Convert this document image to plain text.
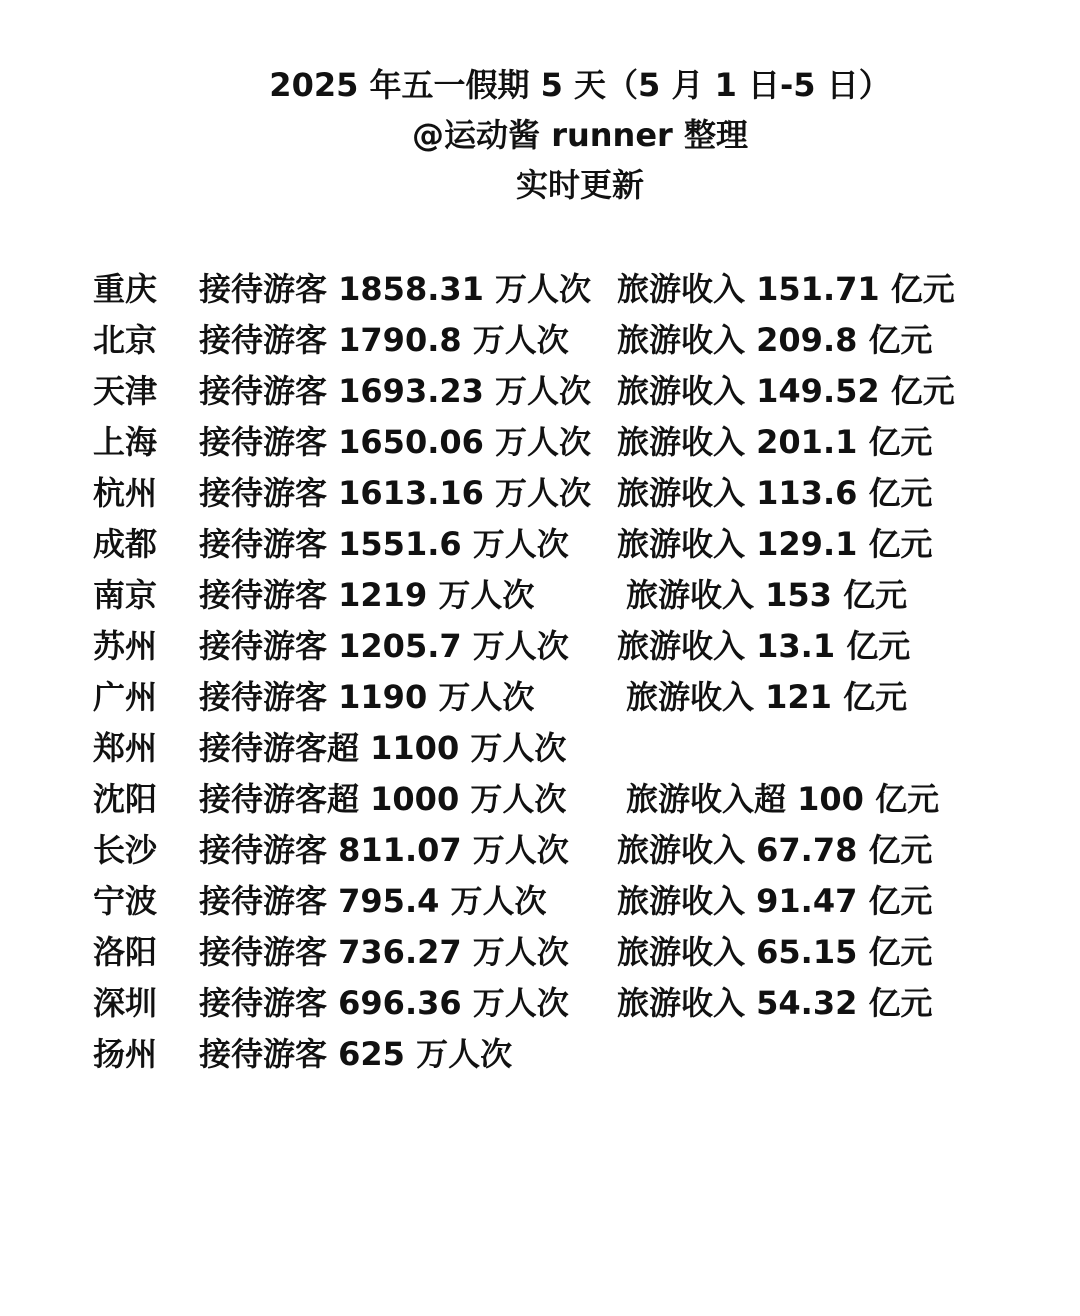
2025 年五一假期 5 天（5 月 1 日-5 日）
@运动酱 runner 整理
实时更新
重庆 接待游客 1858.31 万人次 旅游收入 151.71 亿元
北京 接待游客 1790.8 万人次 旅游收入 209.8 亿元
天津 接待游客 1693.23 万人次 旅游收入 149.52 亿元
上海 接待游客 1650.06 万人次 旅游收入 201.1 亿元
杭州 接待游客 1613.16 万人次 旅游收入 113.6 亿元
成都 接待游客 1551.6 万人次 旅游收入 129.1 亿元
南京 接待游客 1219 万人次	旅游收入 153 亿元
苏州 接待游客 1205.7 万人次 旅游收入 13.1 亿元
广州 接待游客 1190 万人次	旅游收入 121 亿元
郑州 接待游客超 1100 万人次
沈阳 接待游客超 1000 万人次 旅游收入超 100 亿元
长沙 接待游客 811.07 万人次 旅游收入 67.78 亿元
宁波 接待游客 795.4 万人次 旅游收入 91.47 亿元
洛阳 接待游客 736.27 万人次 旅游收入 65.15 亿元
深圳 接待游客 696.36 万人次 旅游收入 54.32 亿元
扬州 接待游客 625 万人次
